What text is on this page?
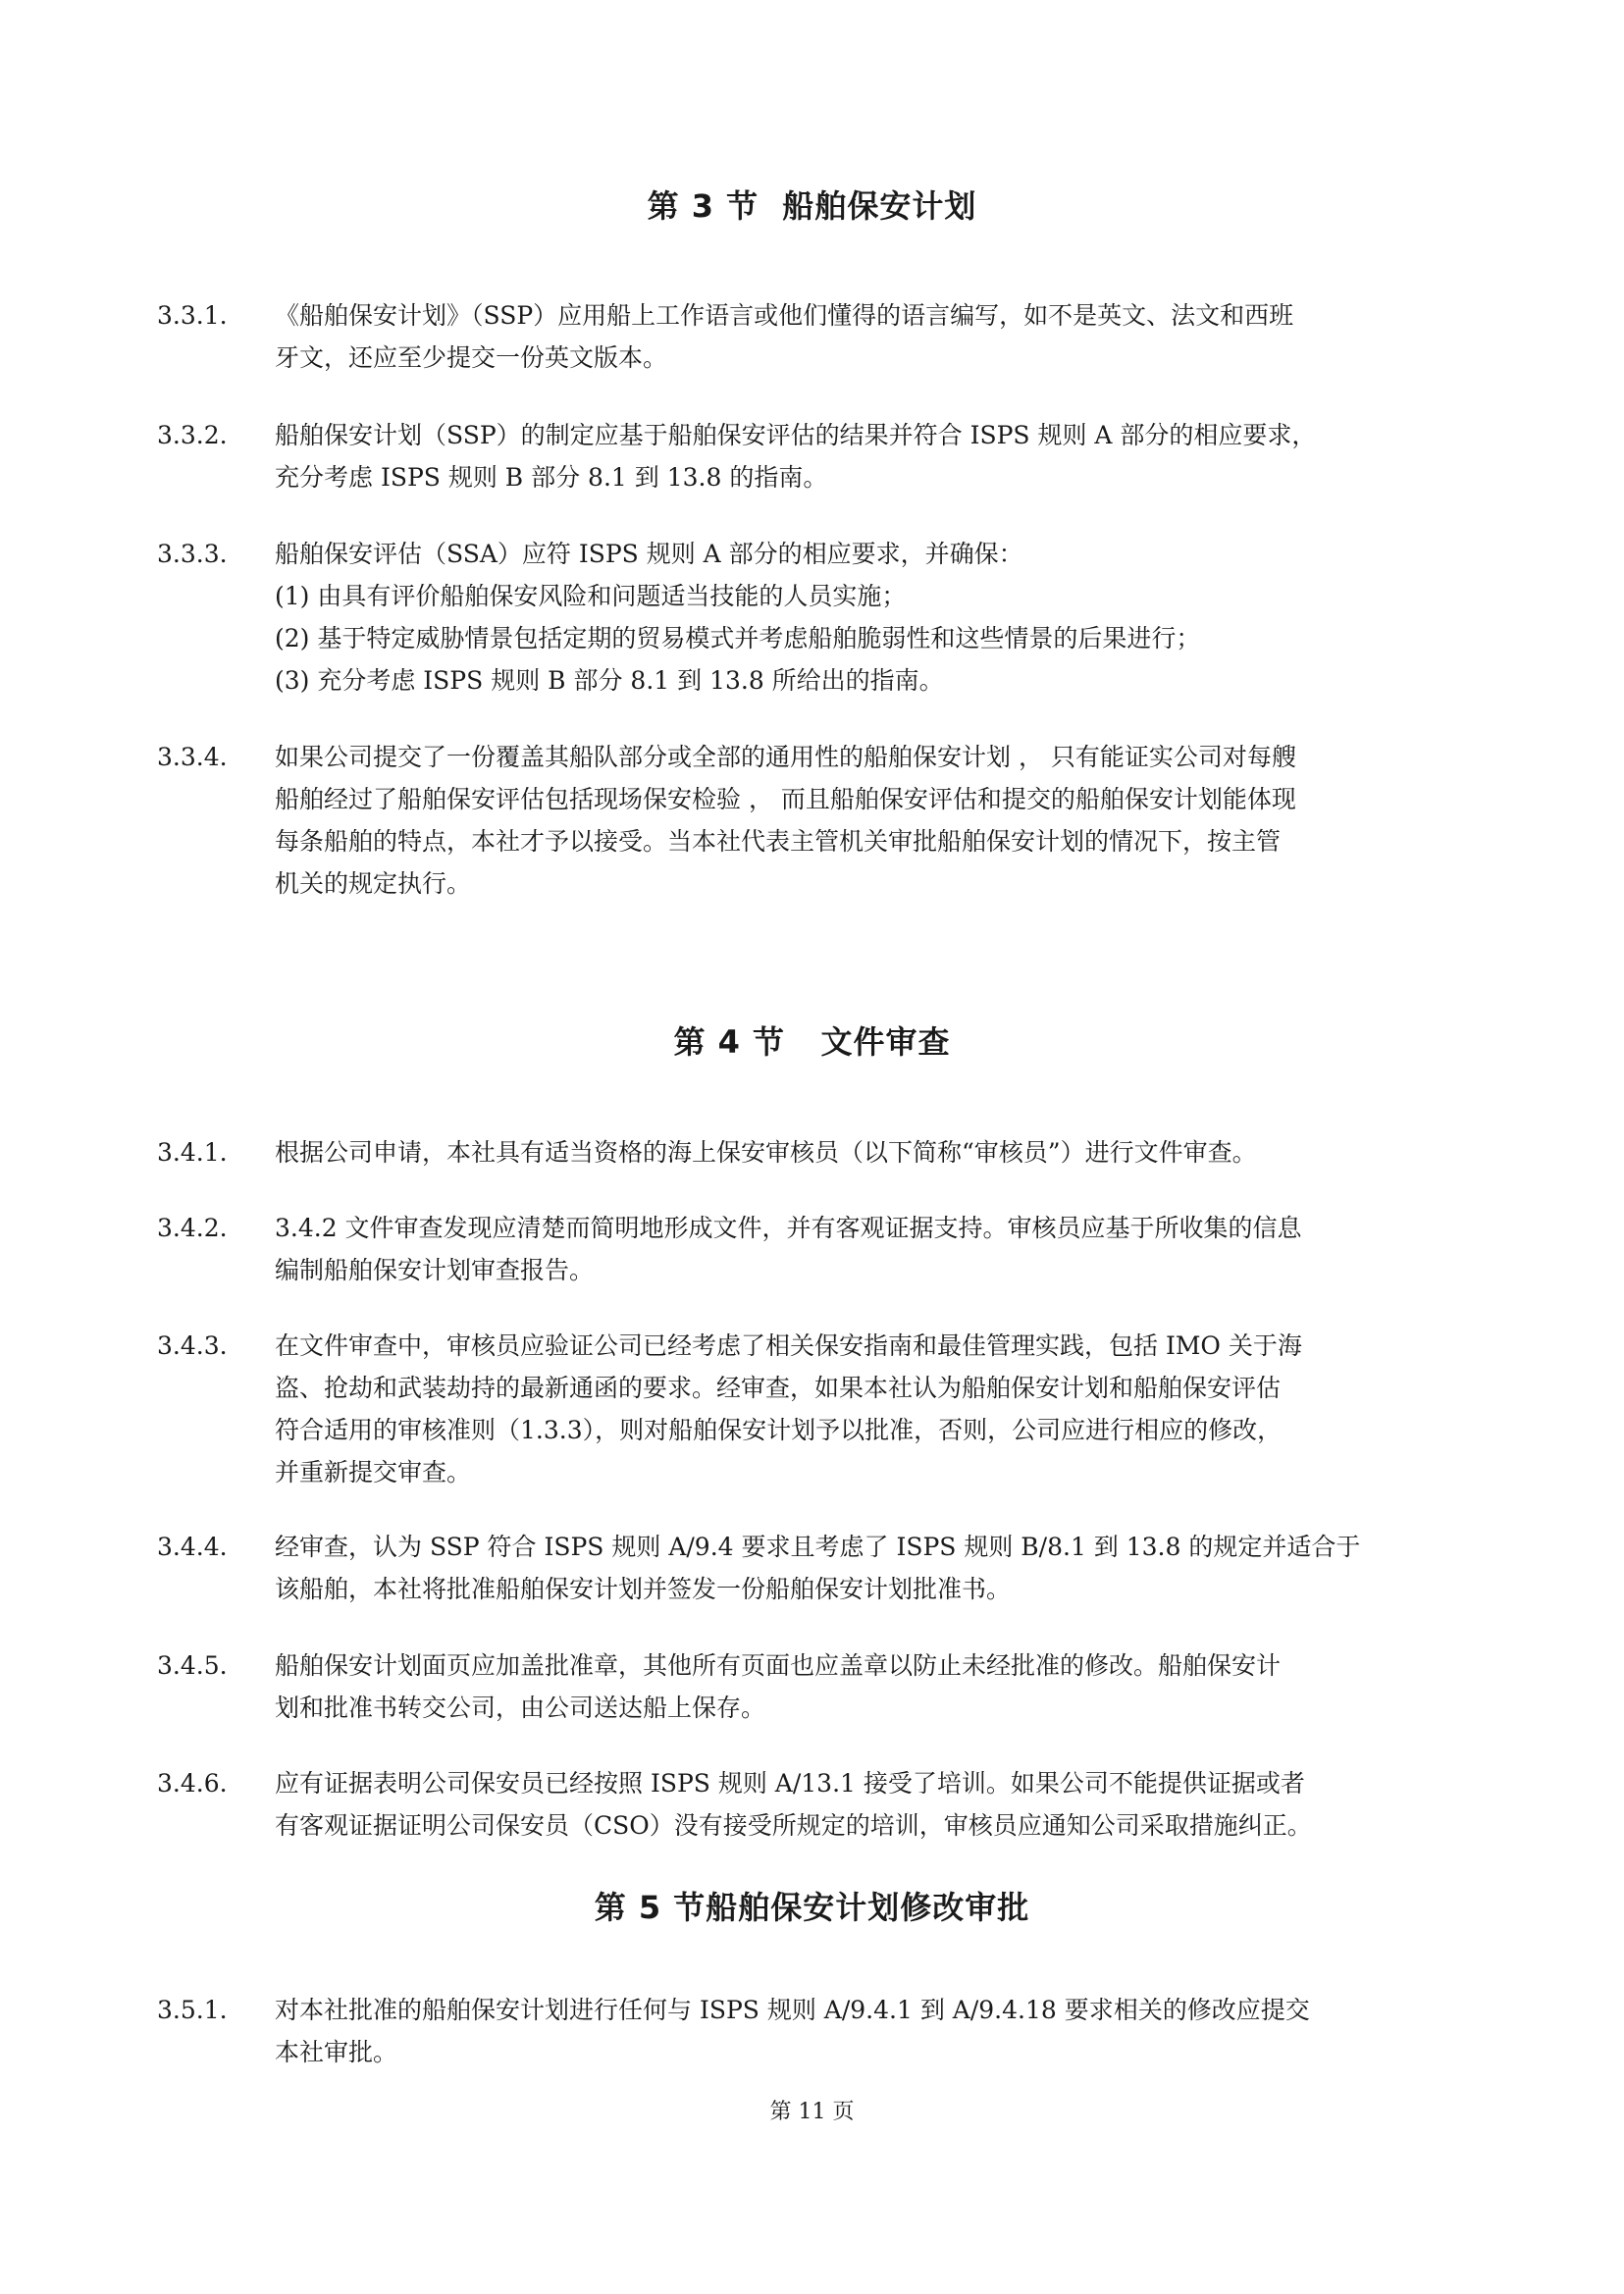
第 3 节  船舶保安计划
3.3.1.	《船舶保安计划》（SSP）应用船上工作语言或他们懂得的语言编写，如不是英文、法文和西班
牙文，还应至少提交一份英文版本。
3.3.2.	船舶保安计划（SSP）的制定应基于船舶保安评估的结果并符合 ISPS 规则 A 部分的相应要求，
充分考虑 ISPS 规则 B 部分 8.1 到 13.8 的指南。
3.3.3.	船舶保安评估（SSA）应符 ISPS 规则 A 部分的相应要求，并确保：
(1) 由具有评价船舶保安风险和问题适当技能的人员实施；
(2) 基于特定威胁情景包括定期的贸易模式并考虑船舶脆弱性和这些情景的后果进行；
(3) 充分考虑 ISPS 规则 B 部分 8.1 到 13.8 所给出的指南。
3.3.4.	如果公司提交了一份覆盖其船队部分或全部的通用性的船舶保安计划 ， 只有能证实公司对每艘
船舶经过了船舶保安评估包括现场保安检验 ， 而且船舶保安评估和提交的船舶保安计划能体现
每条船舶的特点，本社才予以接受。当本社代表主管机关审批船舶保安计划的情况下，按主管
机关的规定执行。
第 4 节   文件审查
3.4.1.	根据公司申请，本社具有适当资格的海上保安审核员（以下简称“审核员”）进行文件审查。
3.4.2.	3.4.2 文件审查发现应清楚而简明地形成文件，并有客观证据支持。审核员应基于所收集的信息
编制船舶保安计划审查报告。
3.4.3.	在文件审查中，审核员应验证公司已经考虑了相关保安指南和最佳管理实践，包括 IMO 关于海
盗、抢劫和武装劫持的最新通函的要求。经审查，如果本社认为船舶保安计划和船舶保安评估
符合适用的审核准则（1.3.3），则对船舶保安计划予以批准，否则，公司应进行相应的修改，
并重新提交审查。
3.4.4.	经审查，认为 SSP 符合 ISPS 规则 A/9.4 要求且考虑了 ISPS 规则 B/8.1 到 13.8 的规定并适合于
该船舶，本社将批准船舶保安计划并签发一份船舶保安计划批准书。
3.4.5.	船舶保安计划面页应加盖批准章，其他所有页面也应盖章以防止未经批准的修改。船舶保安计
划和批准书转交公司，由公司送达船上保存。
3.4.6.	应有证据表明公司保安员已经按照 ISPS 规则 A/13.1 接受了培训。如果公司不能提供证据或者
有客观证据证明公司保安员（CSO）没有接受所规定的培训，审核员应通知公司采取措施纠正。
第 5 节船舶保安计划修改审批
3.5.1.	对本社批准的船舶保安计划进行任何与 ISPS 规则 A/9.4.1 到 A/9.4.18 要求相关的修改应提交
本社审批。
第 11 页
